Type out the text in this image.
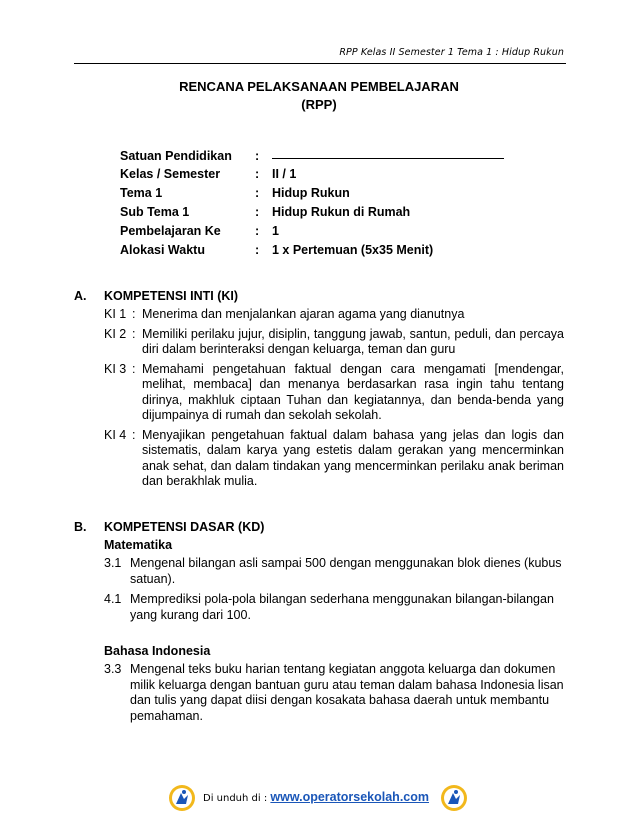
RPP Kelas II Semester 1 Tema 1 : Hidup Rukun
RENCANA PELAKSANAAN PEMBELAJARAN
(RPP)
Satuan Pendidikan :
Kelas / Semester	: II / 1
Tema 1	: Hidup Rukun
Sub Tema 1	: Hidup Rukun di Rumah
Pembelajaran Ke	: 1
Alokasi Waktu	: 1 x Pertemuan (5x35 Menit)
A. KOMPETENSI INTI (KI)
KI 1 : Menerima dan menjalankan ajaran agama yang dianutnya
KI 2 : Memiliki perilaku jujur, disiplin, tanggung jawab, santun, peduli, dan percaya diri dalam berinteraksi dengan keluarga, teman dan guru
KI 3 : Memahami pengetahuan faktual dengan cara mengamati [mendengar, melihat, membaca] dan menanya berdasarkan rasa ingin tahu tentang dirinya, makhluk ciptaan Tuhan dan kegiatannya, dan benda-benda yang dijumpainya di rumah dan sekolah sekolah.
KI 4 : Menyajikan pengetahuan faktual dalam bahasa yang jelas dan logis dan sistematis, dalam karya yang estetis dalam gerakan yang mencerminkan anak sehat, dan dalam tindakan yang mencerminkan perilaku anak beriman dan berakhlak mulia.
B. KOMPETENSI DASAR (KD)
Matematika
3.1 Mengenal bilangan asli sampai 500 dengan menggunakan blok dienes (kubus satuan).
4.1 Memprediksi pola-pola bilangan sederhana menggunakan bilangan-bilangan yang kurang dari 100.
Bahasa Indonesia
3.3 Mengenal teks buku harian tentang kegiatan anggota keluarga dan dokumen milik keluarga dengan bantuan guru atau teman dalam bahasa Indonesia lisan dan tulis yang dapat diisi dengan kosakata bahasa daerah untuk membantu pemahaman.
Di unduh di : www.operatorsekolah.com
